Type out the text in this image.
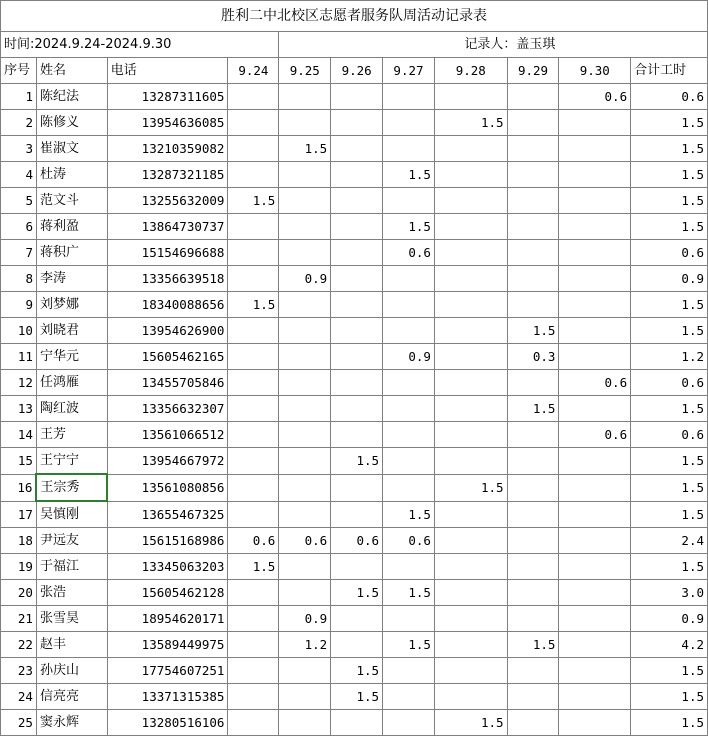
胜利二中北校区志愿者服务队周活动记录表										
时间:2024.9.24-2024.9.30							记录人：盖玉琪			
序号	姓名	电话	9.24	9.25	9.26	9.27	9.28	9.29	9.30	合计工时
1	陈纪法	13287311605							0.6	0.6
2	陈修义	13954636085					1.5			1.5
3	崔淑文	13210359082		1.5						1.5
4	杜涛	13287321185				1.5				1.5
5	范文斗	13255632009	1.5							1.5
6	蒋利盈	13864730737				1.5				1.5
7	蒋积广	15154696688				0.6				0.6
8	李涛	13356639518		0.9						0.9
9	刘梦娜	18340088656	1.5							1.5
10	刘晓君	13954626900						1.5		1.5
11	宁华元	15605462165				0.9		0.3		1.2
12	任鸿雁	13455705846							0.6	0.6
13	陶红波	13356632307						1.5		1.5
14	王芳	13561066512							0.6	0.6
15	王宁宁	13954667972			1.5					1.5
16	王宗秀	13561080856					1.5			1.5
17	吴慎刚	13655467325				1.5				1.5
18	尹远友	15615168986	0.6	0.6	0.6	0.6				2.4
19	于福江	13345063203	1.5							1.5
20	张浩	15605462128			1.5	1.5				3.0
21	张雪昊	18954620171		0.9						0.9
22	赵丰	13589449975		1.2		1.5		1.5		4.2
23	孙庆山	17754607251			1.5					1.5
24	信亮亮	13371315385			1.5					1.5
25	窦永辉	13280516106					1.5			1.5
